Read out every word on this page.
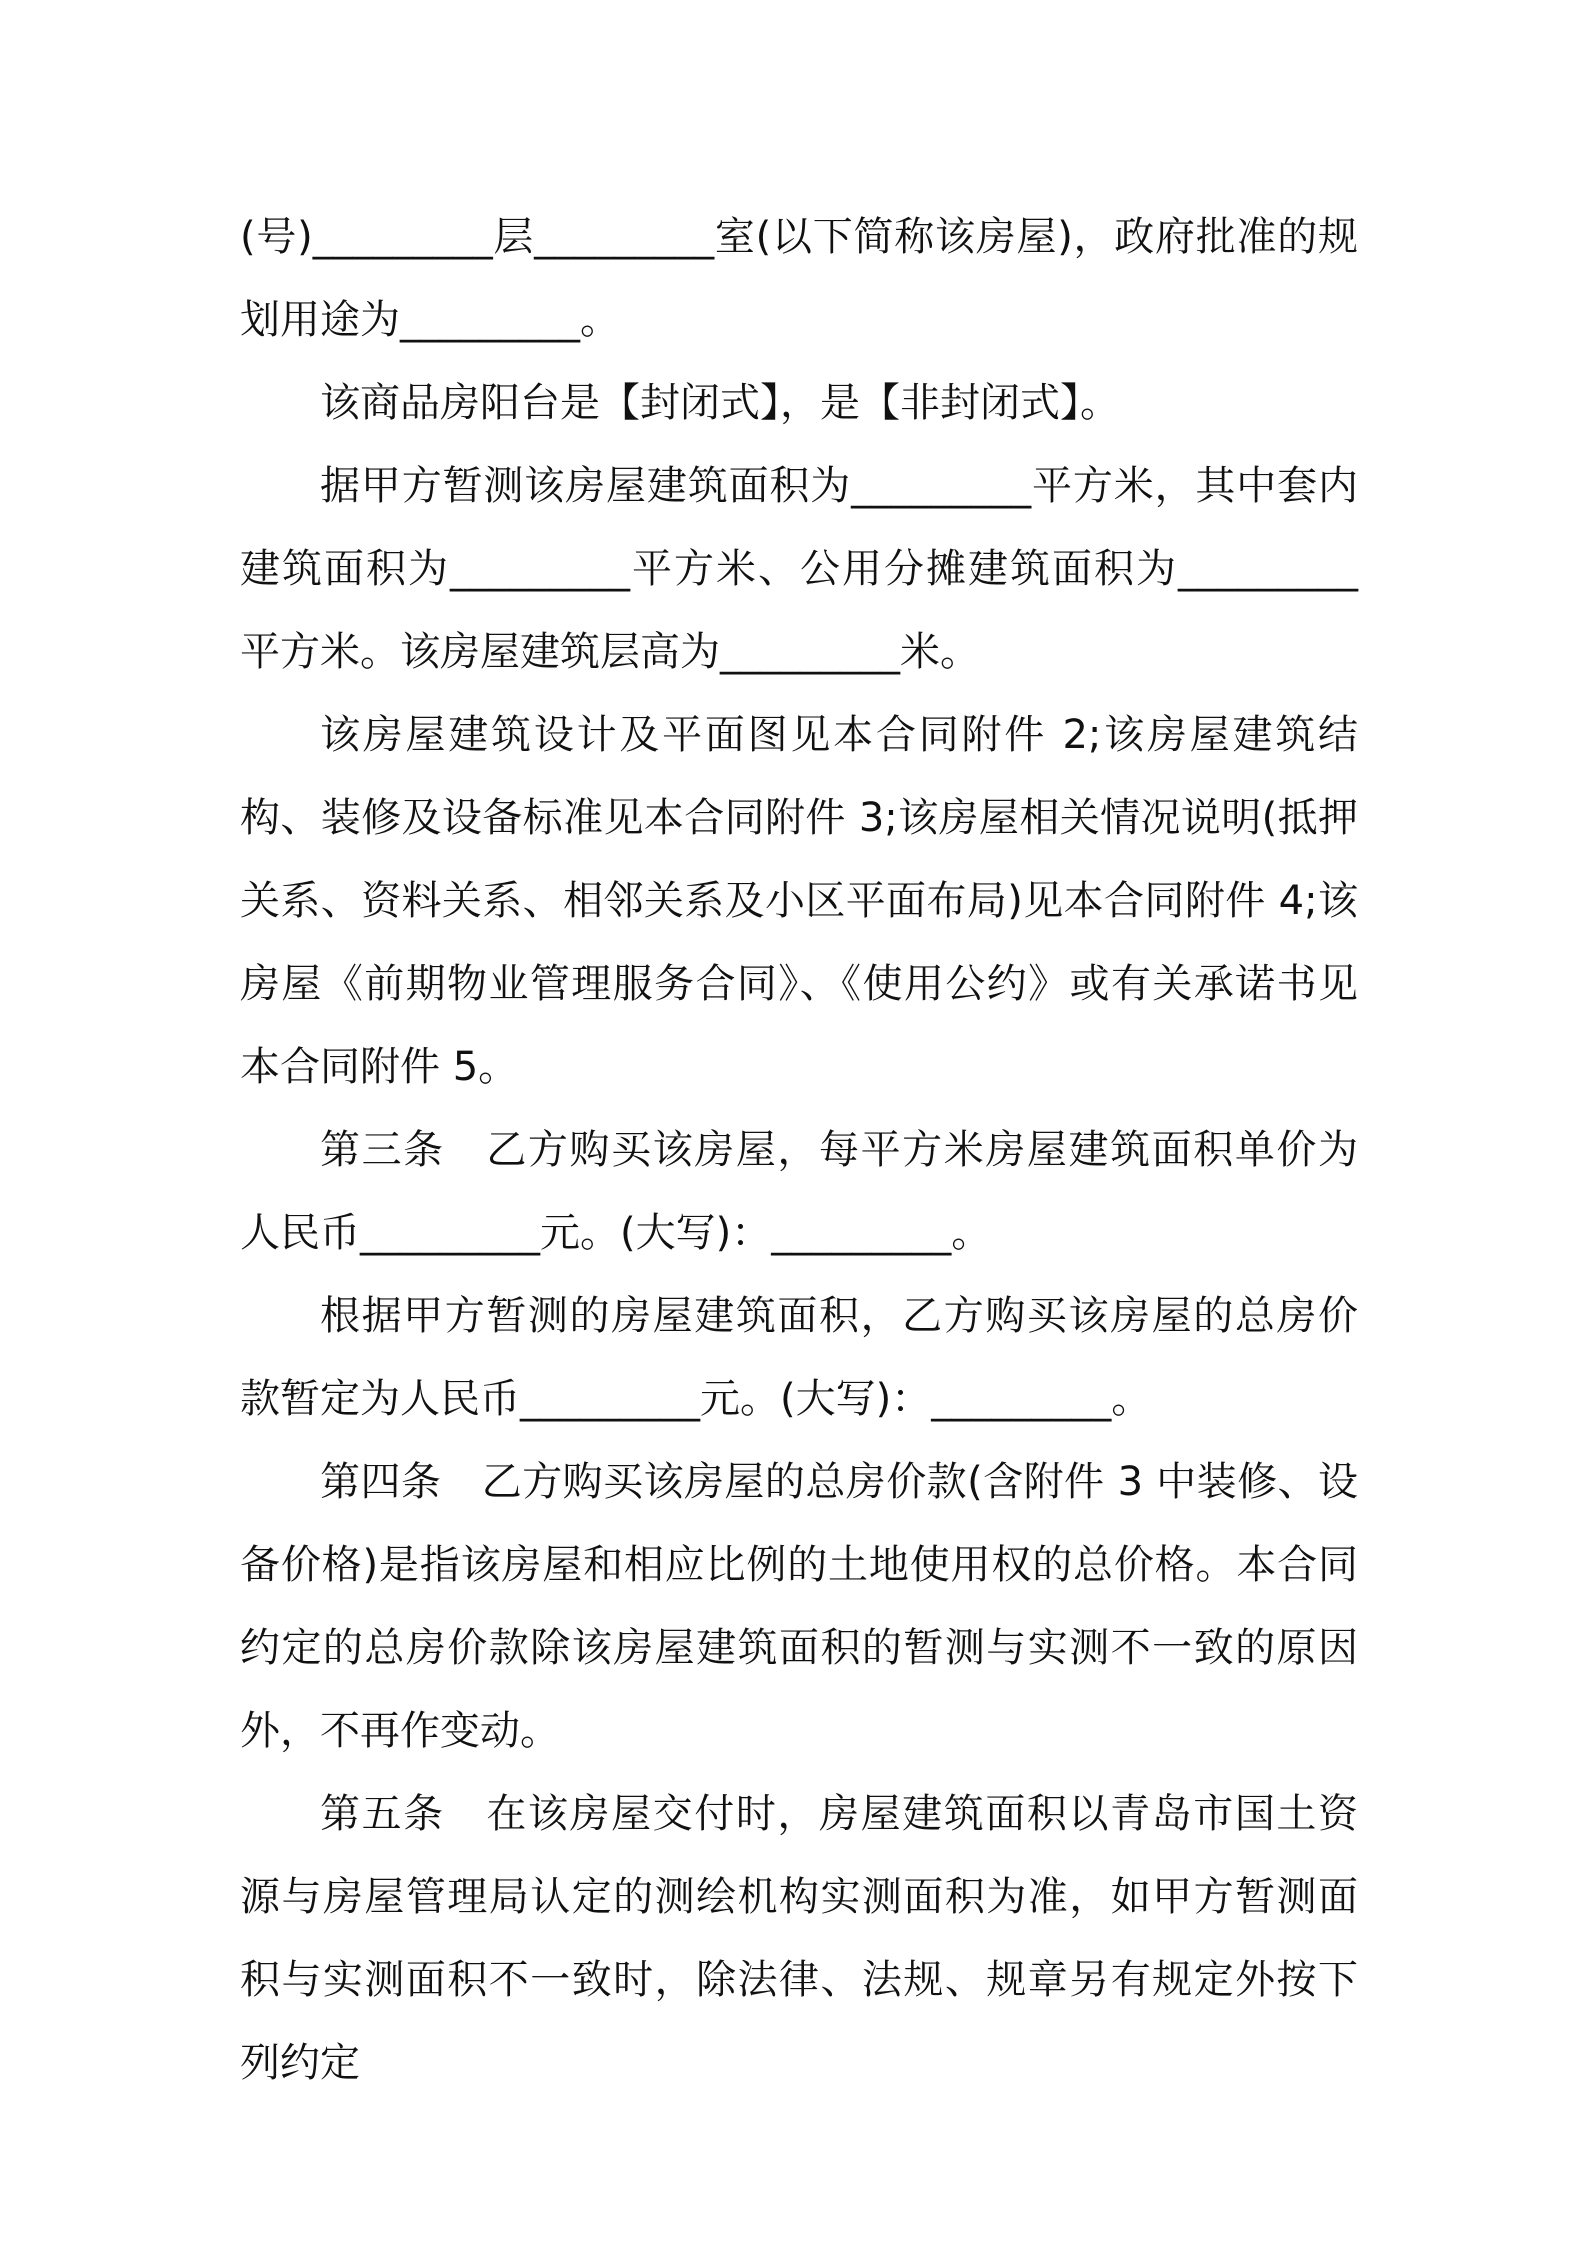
(号)_________层_________室(以下简称该房屋)，政府批准的规划用途为_________。

该商品房阳台是【封闭式】，是【非封闭式】。

据甲方暂测该房屋建筑面积为_________平方米，其中套内建筑面积为_________平方米、公用分摊建筑面积为_________平方米。该房屋建筑层高为_________米。

该房屋建筑设计及平面图见本合同附件 2;该房屋建筑结构、装修及设备标准见本合同附件 3;该房屋相关情况说明(抵押关系、资料关系、相邻关系及小区平面布局)见本合同附件 4;该房屋《前期物业管理服务合同》、《使用公约》或有关承诺书见本合同附件 5。

第三条　乙方购买该房屋，每平方米房屋建筑面积单价为人民币_________元。(大写)：_________。

根据甲方暂测的房屋建筑面积，乙方购买该房屋的总房价款暂定为人民币_________元。(大写)：_________。

第四条　乙方购买该房屋的总房价款(含附件 3 中装修、设备价格)是指该房屋和相应比例的土地使用权的总价格。本合同约定的总房价款除该房屋建筑面积的暂测与实测不一致的原因外，不再作变动。

第五条　在该房屋交付时，房屋建筑面积以青岛市国土资源与房屋管理局认定的测绘机构实测面积为准，如甲方暂测面积与实测面积不一致时，除法律、法规、规章另有规定外按下列约定
